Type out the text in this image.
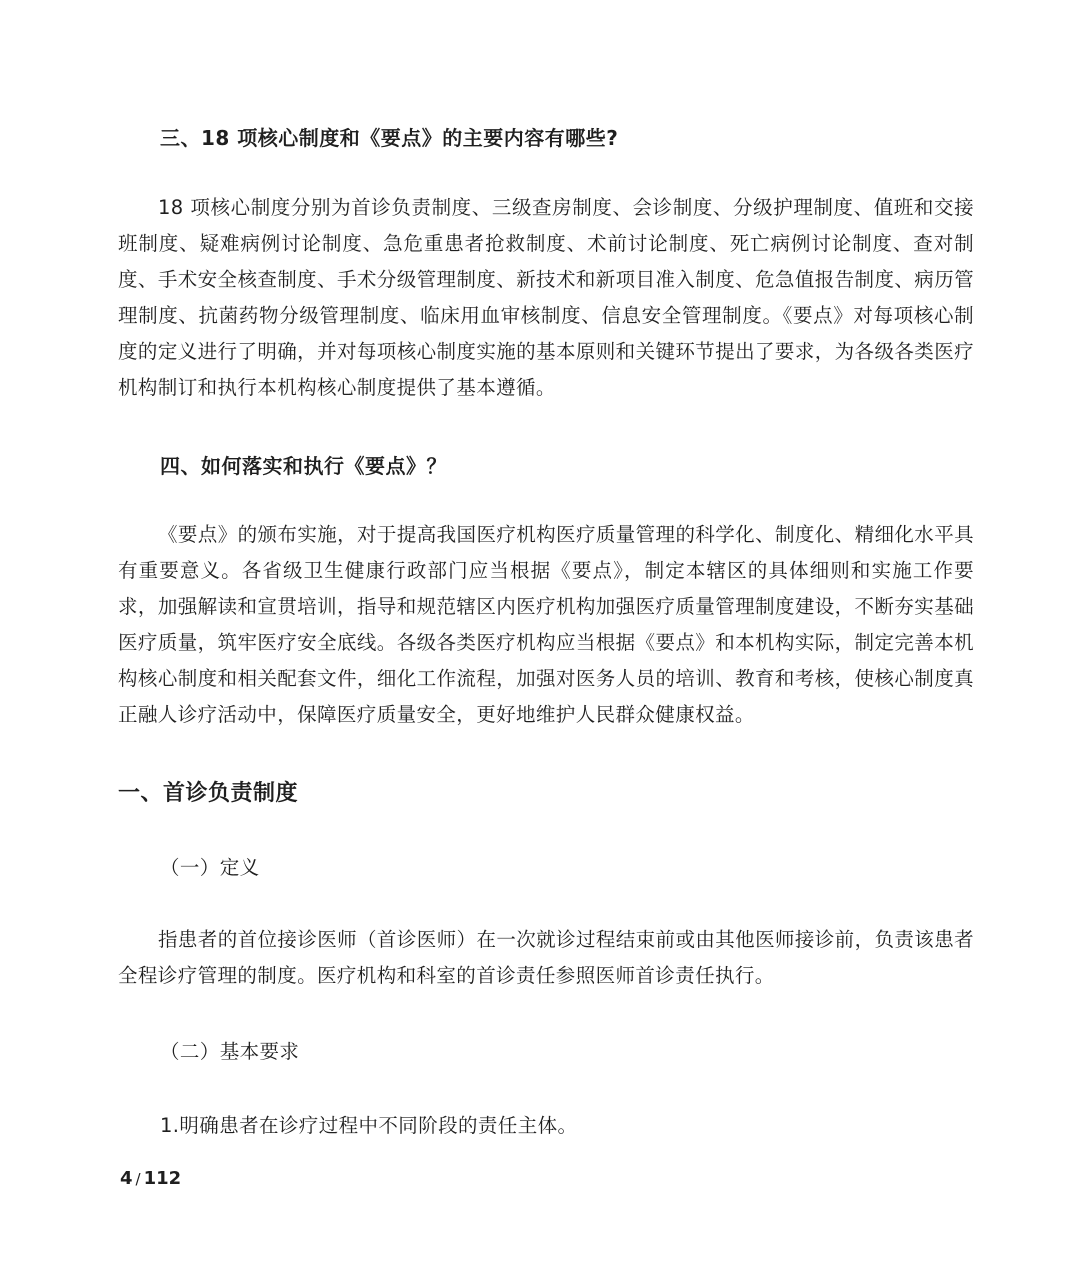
三、18 项核心制度和《要点》的主要内容有哪些?
18 项核心制度分别为首诊负责制度、三级查房制度、会诊制度、分级护理制度、值班和交接班制度、疑难病例讨论制度、急危重患者抢救制度、术前讨论制度、死亡病例讨论制度、查对制度、手术安全核查制度、手术分级管理制度、新技术和新项目准入制度、危急值报告制度、病历管理制度、抗菌药物分级管理制度、临床用血审核制度、信息安全管理制度。《要点》对每项核心制度的定义进行了明确，并对每项核心制度实施的基本原则和关键环节提出了要求，为各级各类医疗机构制订和执行本机构核心制度提供了基本遵循。
四、如何落实和执行《要点》？
《要点》的颁布实施，对于提高我国医疗机构医疗质量管理的科学化、制度化、精细化水平具有重要意义。各省级卫生健康行政部门应当根据《要点》，制定本辖区的具体细则和实施工作要求，加强解读和宣贯培训，指导和规范辖区内医疗机构加强医疗质量管理制度建设，不断夯实基础医疗质量，筑牢医疗安全底线。各级各类医疗机构应当根据《要点》和本机构实际，制定完善本机构核心制度和相关配套文件，细化工作流程，加强对医务人员的培训、教育和考核，使核心制度真正融人诊疗活动中，保障医疗质量安全，更好地维护人民群众健康权益。
一、首诊负责制度
（一）定义
指患者的首位接诊医师（首诊医师）在一次就诊过程结束前或由其他医师接诊前，负责该患者全程诊疗管理的制度。医疗机构和科室的首诊责任参照医师首诊责任执行。
（二）基本要求
1.明确患者在诊疗过程中不同阶段的责任主体。
4 / 112
